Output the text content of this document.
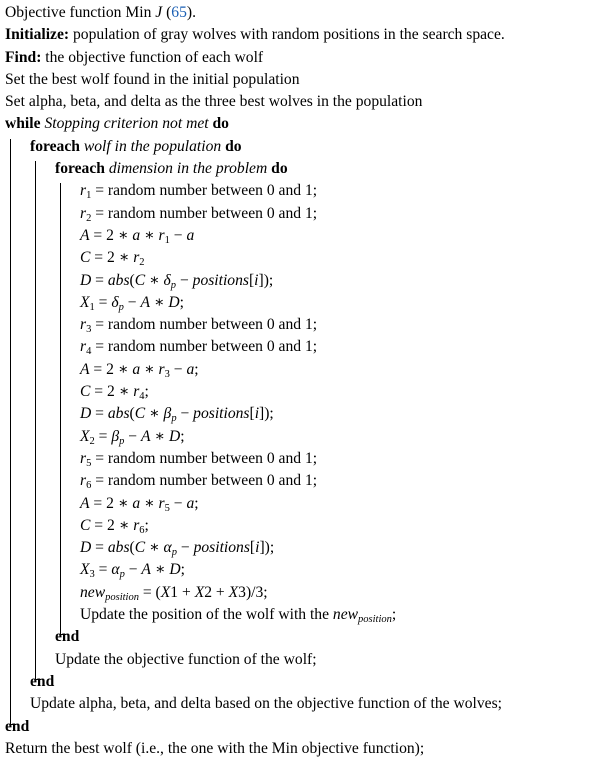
Objective function Min J (65).
Initialize: population of gray wolves with random positions in the search space.
Find: the objective function of each wolf
Set the best wolf found in the initial population
Set alpha, beta, and delta as the three best wolves in the population
while Stopping criterion not met do
foreach wolf in the population do
foreach dimension in the problem do
$r_1$ = random number between 0 and 1;
$r_2$ = random number between 0 and 1;
A = 2 ∗ a ∗ $r_1 - a$
C = 2 ∗ $r_2$
D = abs(C ∗ $\delta_p$ − positions[i]);
$X_1 = \delta_p - A$ ∗ D;
$r_3$ = random number between 0 and 1;
$r_4$ = random number between 0 and 1;
A = 2 ∗ a ∗ $r_3 - a$;
C = 2 ∗ $r_4$;
D = abs(C ∗ $\beta_p$ − positions[i]);
$X_2 = \beta_p - A$ ∗ D;
$r_5$ = random number between 0 and 1;
$r_6$ = random number between 0 and 1;
A = 2 ∗ a ∗ $r_5 - a$;
C = 2 ∗ $r_6$;
D = abs(C ∗ $\alpha_p$ − positions[i]);
$X_3 = \alpha_p - A$ ∗ D;
new$_{position}$ = (X1 + X2 + X3)/3;
Update the position of the wolf with the new$_{position}$;
end
Update the objective function of the wolf;
end
Update alpha, beta, and delta based on the objective function of the wolves;
end
Return the best wolf (i.e., the one with the Min objective function);
